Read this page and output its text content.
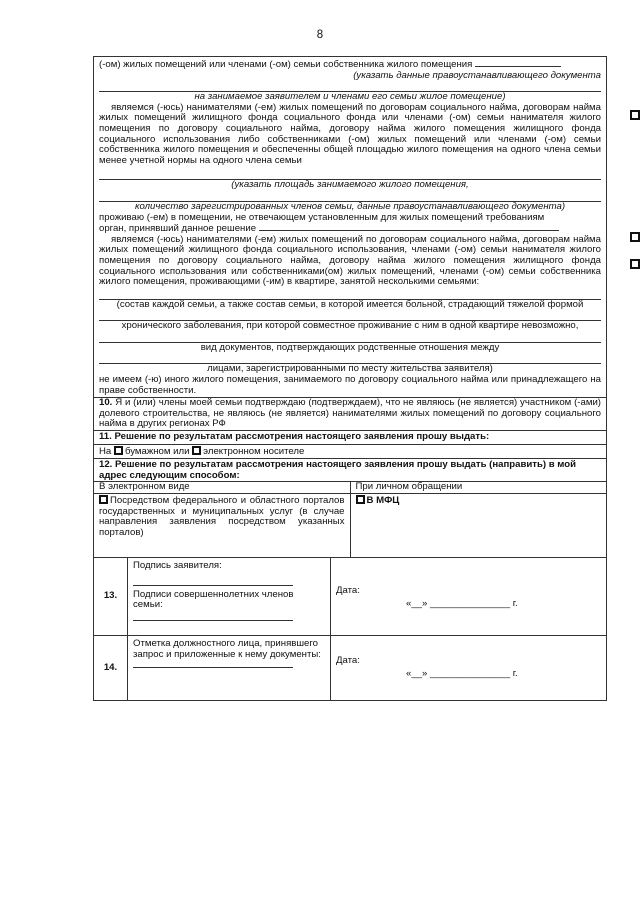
8
(-ом) жилых помещений или членами (-ом) семьи собственника жилого помещения
(указать данные правоустанавливающего документа
на занимаемое заявителем и членами его семьи жилое помещение)
являемся (-юсь) нанимателями (-ем) жилых помещений по договорам социального найма, договорам найма жилых помещений жилищного фонда социального фонда или членами (-ом) семьи нанимателя жилого помещения по договору социального найма, договору найма жилого помещения жилищного фонда социального использования либо собственниками (-ом) жилых помещений или членами (-ом) семьи собственника жилого помещения и обеспеченны общей площадью жилого помещения на одного члена семьи менее учетной нормы на одного члена семьи
(указать площадь занимаемого жилого помещения,
количество зарегистрированных членов семьи, данные правоустанавливающего документа)
проживаю (-ем) в помещении, не отвечающем установленным для жилых помещений требованиям
орган, принявший данное решение
являемся (-юсь) нанимателями (-ем) жилых помещений по договорам социального найма, договорам найма жилых помещений жилищного фонда социального использования, членами (-ом) семьи нанимателя жилого помещения по договору социального найма, договору найма жилого помещения жилищного фонда социального использования или собственниками(ом) жилых помещений, членами (-ом) семьи собственника жилого помещения, проживающими (-им) в квартире, занятой несколькими семьями:
(состав каждой семьи, а также состав семьи, в которой имеется больной, страдающий тяжелой формой
хронического заболевания, при которой совместное проживание с ним в одной квартире невозможно,
вид документов, подтверждающих родственные отношения между
лицами, зарегистрированными по месту жительства заявителя)
не имеем (-ю) иного жилого помещения, занимаемого по договору социального найма или принадлежащего на праве собственности.
10. Я и (или) члены моей семьи подтверждаю (подтверждаем), что не являюсь (не является) участником (-ами) долевого строительства, не являюсь (не является) нанимателями жилых помещений по договору социального найма в других регионах РФ
11. Решение по результатам рассмотрения настоящего заявления прошу выдать:
На бумажном или электронном носителе
12. Решение по результатам рассмотрения настоящего заявления прошу выдать (направить) в мой адрес следующим способом:
В электронном виде	При личном обращении
Посредством федерального и областного порталов государственных и муниципальных услуг (в случае направления заявления посредством указанных порталов)
В МФЦ
13.
Подпись заявителя:
Подписи совершеннолетних членов семьи:
Дата:
«__» _______________ г.
14.
Отметка должностного лица, принявшего запрос и приложенные к нему документы:
Дата:
«__» _______________ г.
